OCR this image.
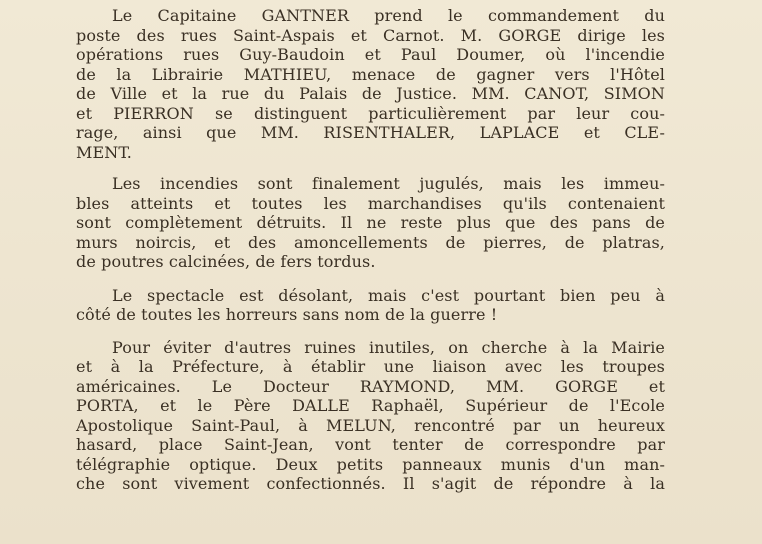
Le Capitaine GANTNER prend le commandement du
poste des rues Saint-Aspais et Carnot. M. GORGE dirige les
opérations rues Guy-Baudoin et Paul Doumer, où l'incendie
de la Librairie MATHIEU, menace de gagner vers l'Hôtel
de Ville et la rue du Palais de Justice. MM. CANOT, SIMON
et PIERRON se distinguent particulièrement par leur cou-
rage, ainsi que MM. RISENTHALER, LAPLACE et CLE-
MENT.
Les incendies sont finalement jugulés, mais les immeu-
bles atteints et toutes les marchandises qu'ils contenaient
sont complètement détruits. Il ne reste plus que des pans de
murs noircis, et des amoncellements de pierres, de platras,
de poutres calcinées, de fers tordus.
Le spectacle est désolant, mais c'est pourtant bien peu à
côté de toutes les horreurs sans nom de la guerre !
Pour éviter d'autres ruines inutiles, on cherche à la Mairie
et à la Préfecture, à établir une liaison avec les troupes
américaines. Le Docteur RAYMOND, MM. GORGE et
PORTA, et le Père DALLE Raphaël, Supérieur de l'Ecole
Apostolique Saint-Paul, à MELUN, rencontré par un heureux
hasard, place Saint-Jean, vont tenter de correspondre par
télégraphie optique. Deux petits panneaux munis d'un man-
che sont vivement confectionnés. Il s'agit de répondre à la
